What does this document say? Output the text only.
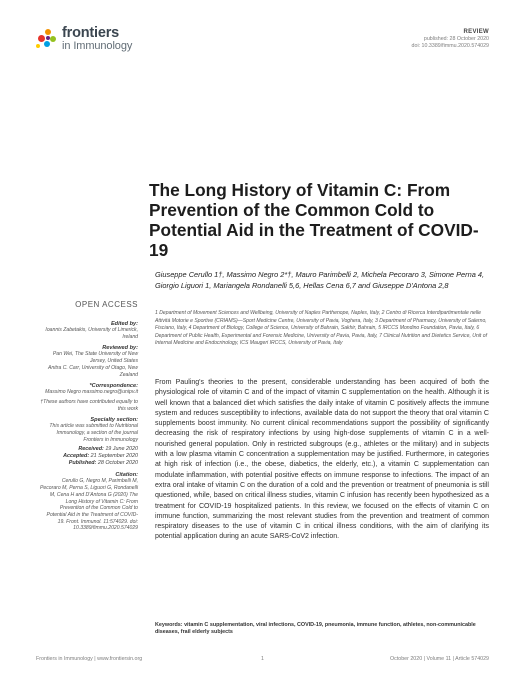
frontiers
in Immunology
REVIEW
published: 28 October 2020
doi: 10.3389/fimmu.2020.574029
The Long History of Vitamin C: From Prevention of the Common Cold to Potential Aid in the Treatment of COVID-19
Giuseppe Cerullo 1†, Massimo Negro 2*†, Mauro Parimbelli 2, Michela Pecoraro 3, Simone Perna 4, Giorgio Liguori 1, Mariangela Rondanelli 5,6, Hellas Cena 6,7 and Giuseppe D'Antona 2,8
1 Department of Movement Sciences and Wellbeing, University of Naples Parthenope, Naples, Italy, 2 Centro di Ricerca Interdipartimentale nelle Attività Motorie e Sportive (CRIAMS)—Sport Medicine Centre, University of Pavia, Voghera, Italy, 3 Department of Pharmacy, University of Salerno, Fisciano, Italy, 4 Department of Biology, College of Science, University of Bahrain, Sakhir, Bahrain, 5 IRCCS Mondino Foundation, Pavia, Italy, 6 Department of Public Health, Experimental and Forensic Medicine, University of Pavia, Pavia, Italy, 7 Clinical Nutrition and Dietetics Service, Unit of Internal Medicine and Endocrinology, ICS Maugeri IRCCS, University of Pavia, Italy
OPEN ACCESS
Edited by:
Ioannis Zabetakis, University of Limerick, Ireland
Reviewed by:
Pan Wei, The State University of New Jersey, United States
Anitra C. Carr, University of Otago, New Zealand
*Correspondence:
Massimo Negro massimo.negro@unipv.it
†These authors have contributed equally to this work
Specialty section:
This article was submitted to Nutritional Immunology, a section of the journal Frontiers in Immunology
Received: 19 June 2020
Accepted: 21 September 2020
Published: 28 October 2020
Citation:
Cerullo G, Negro M, Parimbelli M, Pecoraro M, Perna S, Liguori G, Rondanelli M, Cena H and D'Antona G (2020) The Long History of Vitamin C: From Prevention of the Common Cold to Potential Aid in the Treatment of COVID-19. Front. Immunol. 11:574029. doi: 10.3389/fimmu.2020.574029
From Pauling's theories to the present, considerable understanding has been acquired of both the physiological role of vitamin C and of the impact of vitamin C supplementation on the health. Although it is well known that a balanced diet which satisfies the daily intake of vitamin C positively affects the immune system and reduces susceptibility to infections, available data do not support the theory that oral vitamin C supplements boost immunity. No current clinical recommendations support the possibility of significantly decreasing the risk of respiratory infections by using high-dose supplements of vitamin C in a well-nourished general population. Only in restricted subgroups (e.g., athletes or the military) and in subjects with a low plasma vitamin C concentration a supplementation may be justified. Furthermore, in categories at high risk of infection (i.e., the obese, diabetics, the elderly, etc.), a vitamin C supplementation can modulate inflammation, with potential positive effects on immune response to infections. The impact of an extra oral intake of vitamin C on the duration of a cold and the prevention or treatment of pneumonia is still questioned, while, based on critical illness studies, vitamin C infusion has recently been hypothesized as a treatment for COVID-19 hospitalized patients. In this review, we focused on the effects of vitamin C on immune function, summarizing the most relevant studies from the prevention and treatment of common respiratory diseases to the use of vitamin C in critical illness conditions, with the aim of clarifying its potential application during an acute SARS-CoV2 infection.
Keywords: vitamin C supplementation, viral infections, COVID-19, pneumonia, immune function, athletes, non-communicable diseases, frail elderly subjects
Frontiers in Immunology | www.frontiersin.org	1	October 2020 | Volume 11 | Article 574029
